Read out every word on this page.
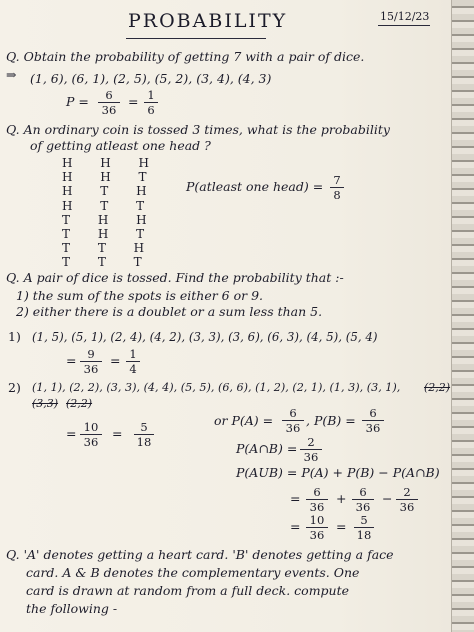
PROBABILITY	15/12/23
Q. Obtain the probability of getting 7 with a pair of dice.
⇒ (1, 6), (6, 1), (2, 5), (5, 2), (3, 4), (4, 3)
P = 6
36
= 1
6
Q. An ordinary coin is tossed 3 times, what is the probability
of getting atleast one head ?
H H H
H H T
H T H
H T T
T H H
T H T
T T H
T T T
P(atleast one head) = 7
8
Q. A pair of dice is tossed. Find the probability that :-
1) the sum of the spots is either 6 or 9.
2) either there is a doublet or a sum less than 5.
1) (1, 5), (5, 1), (2, 4), (4, 2), (3, 3), (3, 6), (6, 3), (4, 5), (5, 4)
= 9
36
= 1
4
2) (1, 1), (2, 2), (3, 3), (4, 4), (5, 5), (6, 6), (1, 2), (2, 1), (1, 3), (3, 1), (2,2)
(3,3) (2,2)
= 10
36
= 5
18
or P(A) = 6
36 , P(B) = 6
36
P(A∩B) = 2
36
P(AUB) = P(A) + P(B) − P(A∩B)
= 6
36
+ 6
36
− 2
36
= 10
36
= 5
18
Q. 'A' denotes getting a heart card. 'B' denotes getting a face
card. A & B denotes the complementary events. One
card is drawn at random from a full deck. compute
the following -
